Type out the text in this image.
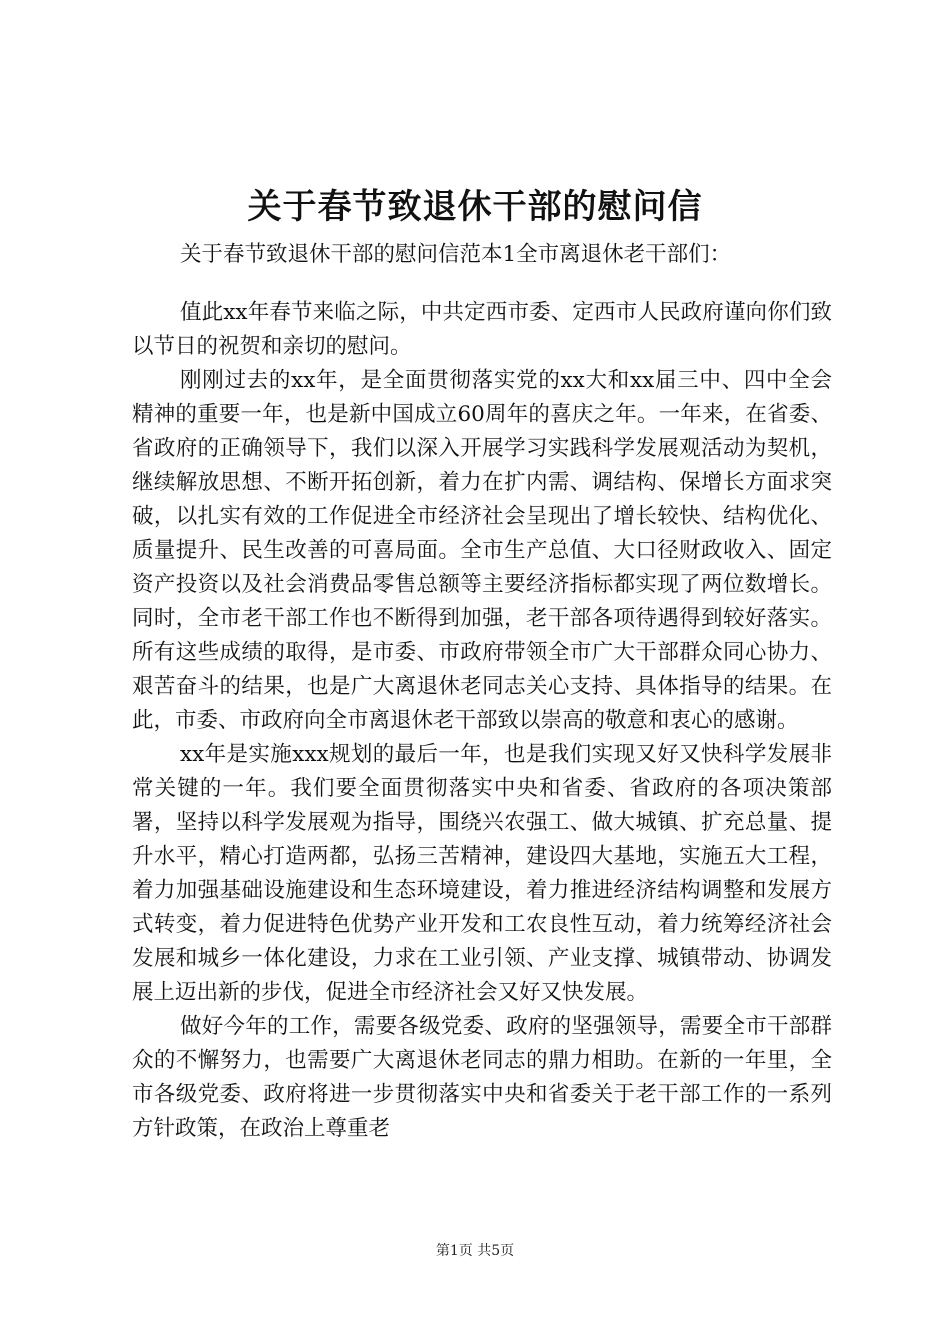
关于春节致退休干部的慰问信
关于春节致退休干部的慰问信范本1全市离退休老干部们：

值此xx年春节来临之际，中共定西市委、定西市人民政府谨向你们致以节日的祝贺和亲切的慰问。

刚刚过去的xx年，是全面贯彻落实党的xx大和xx届三中、四中全会精神的重要一年，也是新中国成立60周年的喜庆之年。一年来，在省委、省政府的正确领导下，我们以深入开展学习实践科学发展观活动为契机，继续解放思想、不断开拓创新，着力在扩内需、调结构、保增长方面求突破，以扎实有效的工作促进全市经济社会呈现出了增长较快、结构优化、质量提升、民生改善的可喜局面。全市生产总值、大口径财政收入、固定资产投资以及社会消费品零售总额等主要经济指标都实现了两位数增长。同时，全市老干部工作也不断得到加强，老干部各项待遇得到较好落实。所有这些成绩的取得，是市委、市政府带领全市广大干部群众同心协力、艰苦奋斗的结果，也是广大离退休老同志关心支持、具体指导的结果。在此，市委、市政府向全市离退休老干部致以崇高的敬意和衷心的感谢。

xx年是实施xxx规划的最后一年，也是我们实现又好又快科学发展非常关键的一年。我们要全面贯彻落实中央和省委、省政府的各项决策部署，坚持以科学发展观为指导，围绕兴农强工、做大城镇、扩充总量、提升水平，精心打造两都，弘扬三苦精神，建设四大基地，实施五大工程，着力加强基础设施建设和生态环境建设，着力推进经济结构调整和发展方式转变，着力促进特色优势产业开发和工农良性互动，着力统筹经济社会发展和城乡一体化建设，力求在工业引领、产业支撑、城镇带动、协调发展上迈出新的步伐，促进全市经济社会又好又快发展。

做好今年的工作，需要各级党委、政府的坚强领导，需要全市干部群众的不懈努力，也需要广大离退休老同志的鼎力相助。在新的一年里，全市各级党委、政府将进一步贯彻落实中央和省委关于老干部工作的一系列方针政策，在政治上尊重老

第1页 共5页
